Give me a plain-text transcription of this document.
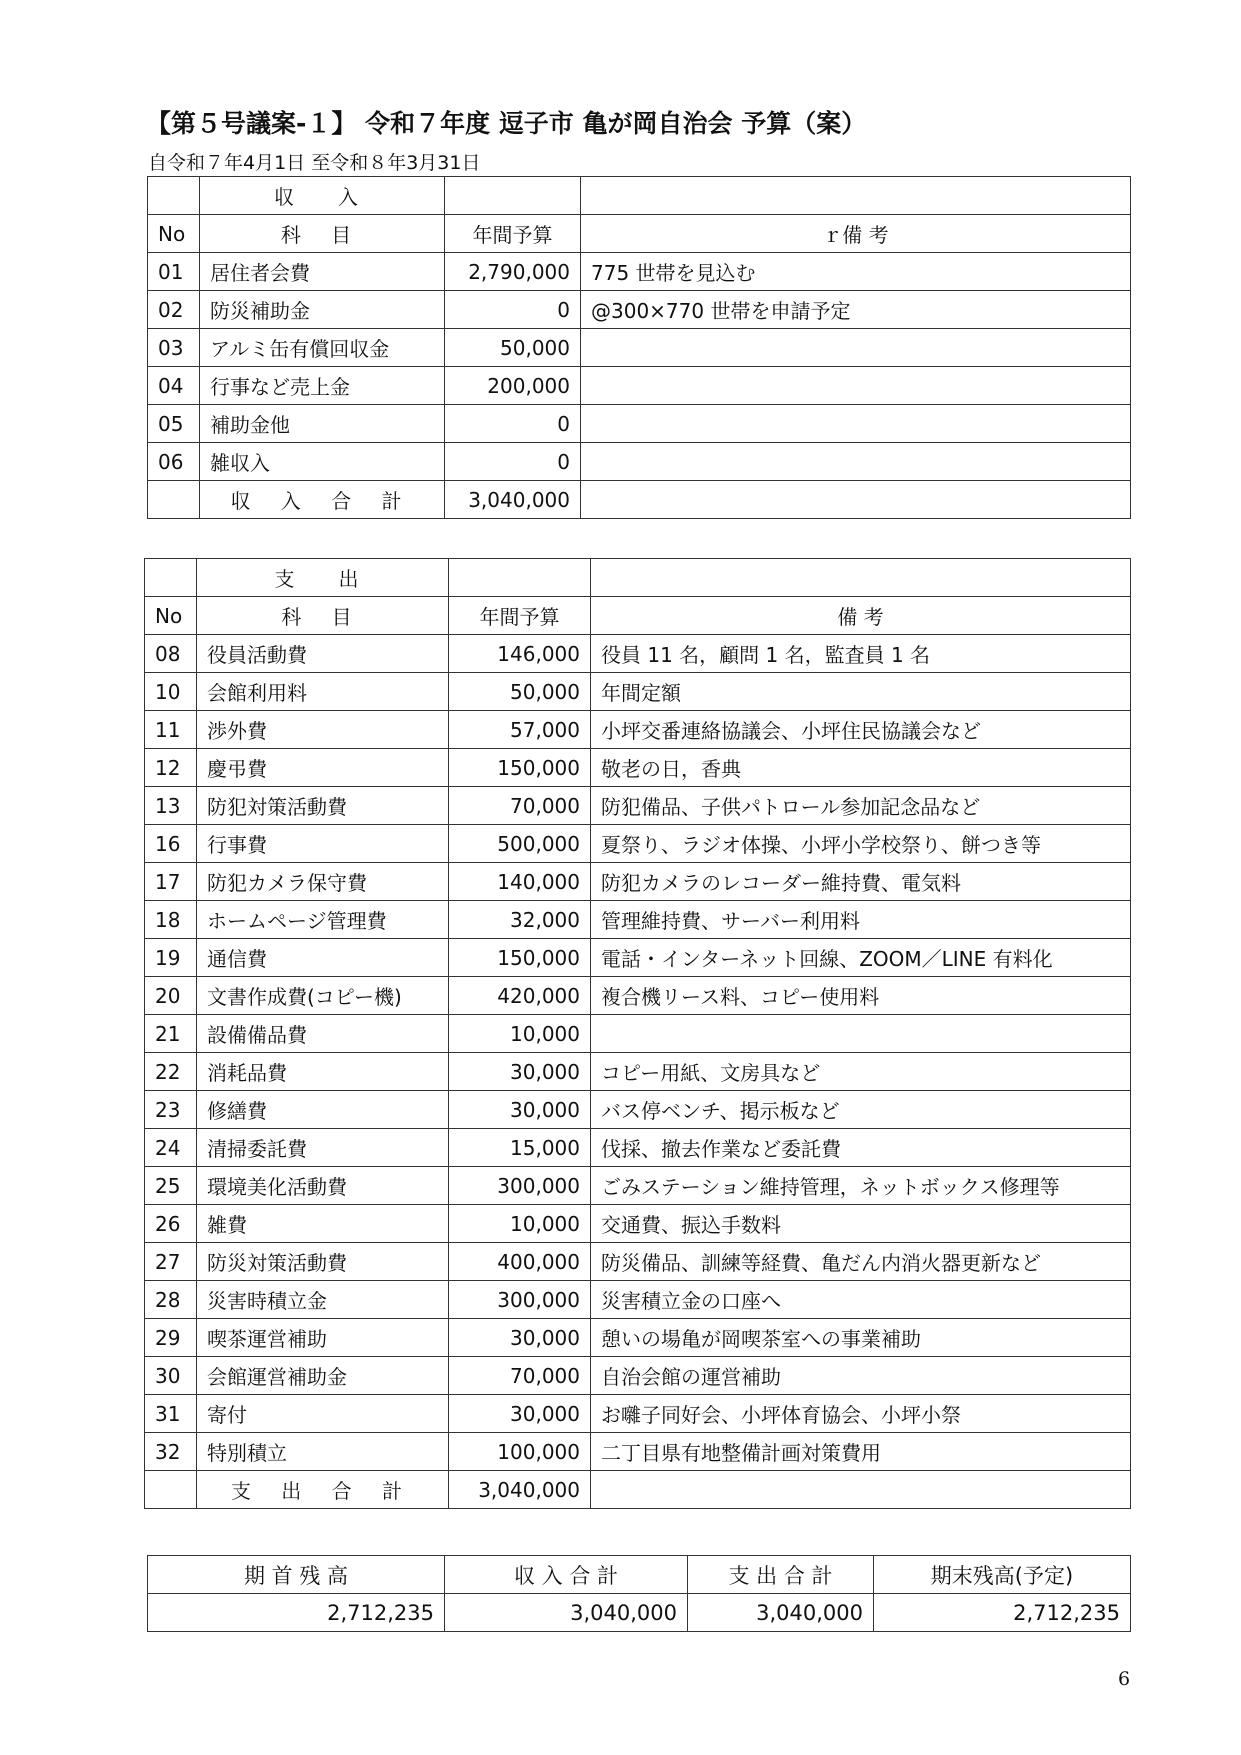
【第５号議案-１】 令和７年度 逗子市 亀が岡自治会 予算（案）
自令和７年4月1日 至令和８年3月31日
	収　入		
No	科 目	年間予算	ｒ備 考
01	居住者会費	2,790,000	775 世帯を見込む
02	防災補助金	0	@300×770 世帯を申請予定
03	アルミ缶有償回収金	50,000	
04	行事など売上金	200,000	
05	補助金他	0	
06	雑収入	0	
	収 入 合 計	3,040,000	
	支　出		
No	科 目	年間予算	備 考
08	役員活動費	146,000	役員 11 名，顧問 1 名，監査員 1 名
10	会館利用料	50,000	年間定額
11	渉外費	57,000	小坪交番連絡協議会、小坪住民協議会など
12	慶弔費	150,000	敬老の日，香典
13	防犯対策活動費	70,000	防犯備品、子供パトロール参加記念品など
16	行事費	500,000	夏祭り、ラジオ体操、小坪小学校祭り、餅つき等
17	防犯カメラ保守費	140,000	防犯カメラのレコーダー維持費、電気料
18	ホームページ管理費	32,000	管理維持費、サーバー利用料
19	通信費	150,000	電話・インターネット回線、ZOOM／LINE 有料化
20	文書作成費(コピー機)	420,000	複合機リース料、コピー使用料
21	設備備品費	10,000	
22	消耗品費	30,000	コピー用紙、文房具など
23	修繕費	30,000	バス停ベンチ、掲示板など
24	清掃委託費	15,000	伐採、撤去作業など委託費
25	環境美化活動費	300,000	ごみステーション維持管理，ネットボックス修理等
26	雑費	10,000	交通費、振込手数料
27	防災対策活動費	400,000	防災備品、訓練等経費、亀だん内消火器更新など
28	災害時積立金	300,000	災害積立金の口座へ
29	喫茶運営補助	30,000	憩いの場亀が岡喫茶室への事業補助
30	会館運営補助金	70,000	自治会館の運営補助
31	寄付	30,000	お囃子同好会、小坪体育協会、小坪小祭
32	特別積立	100,000	二丁目県有地整備計画対策費用
	支 出 合 計	3,040,000	
期 首 残 高	収 入 合 計	支 出 合 計	期末残高(予定)
2,712,235	3,040,000	3,040,000	2,712,235
6
